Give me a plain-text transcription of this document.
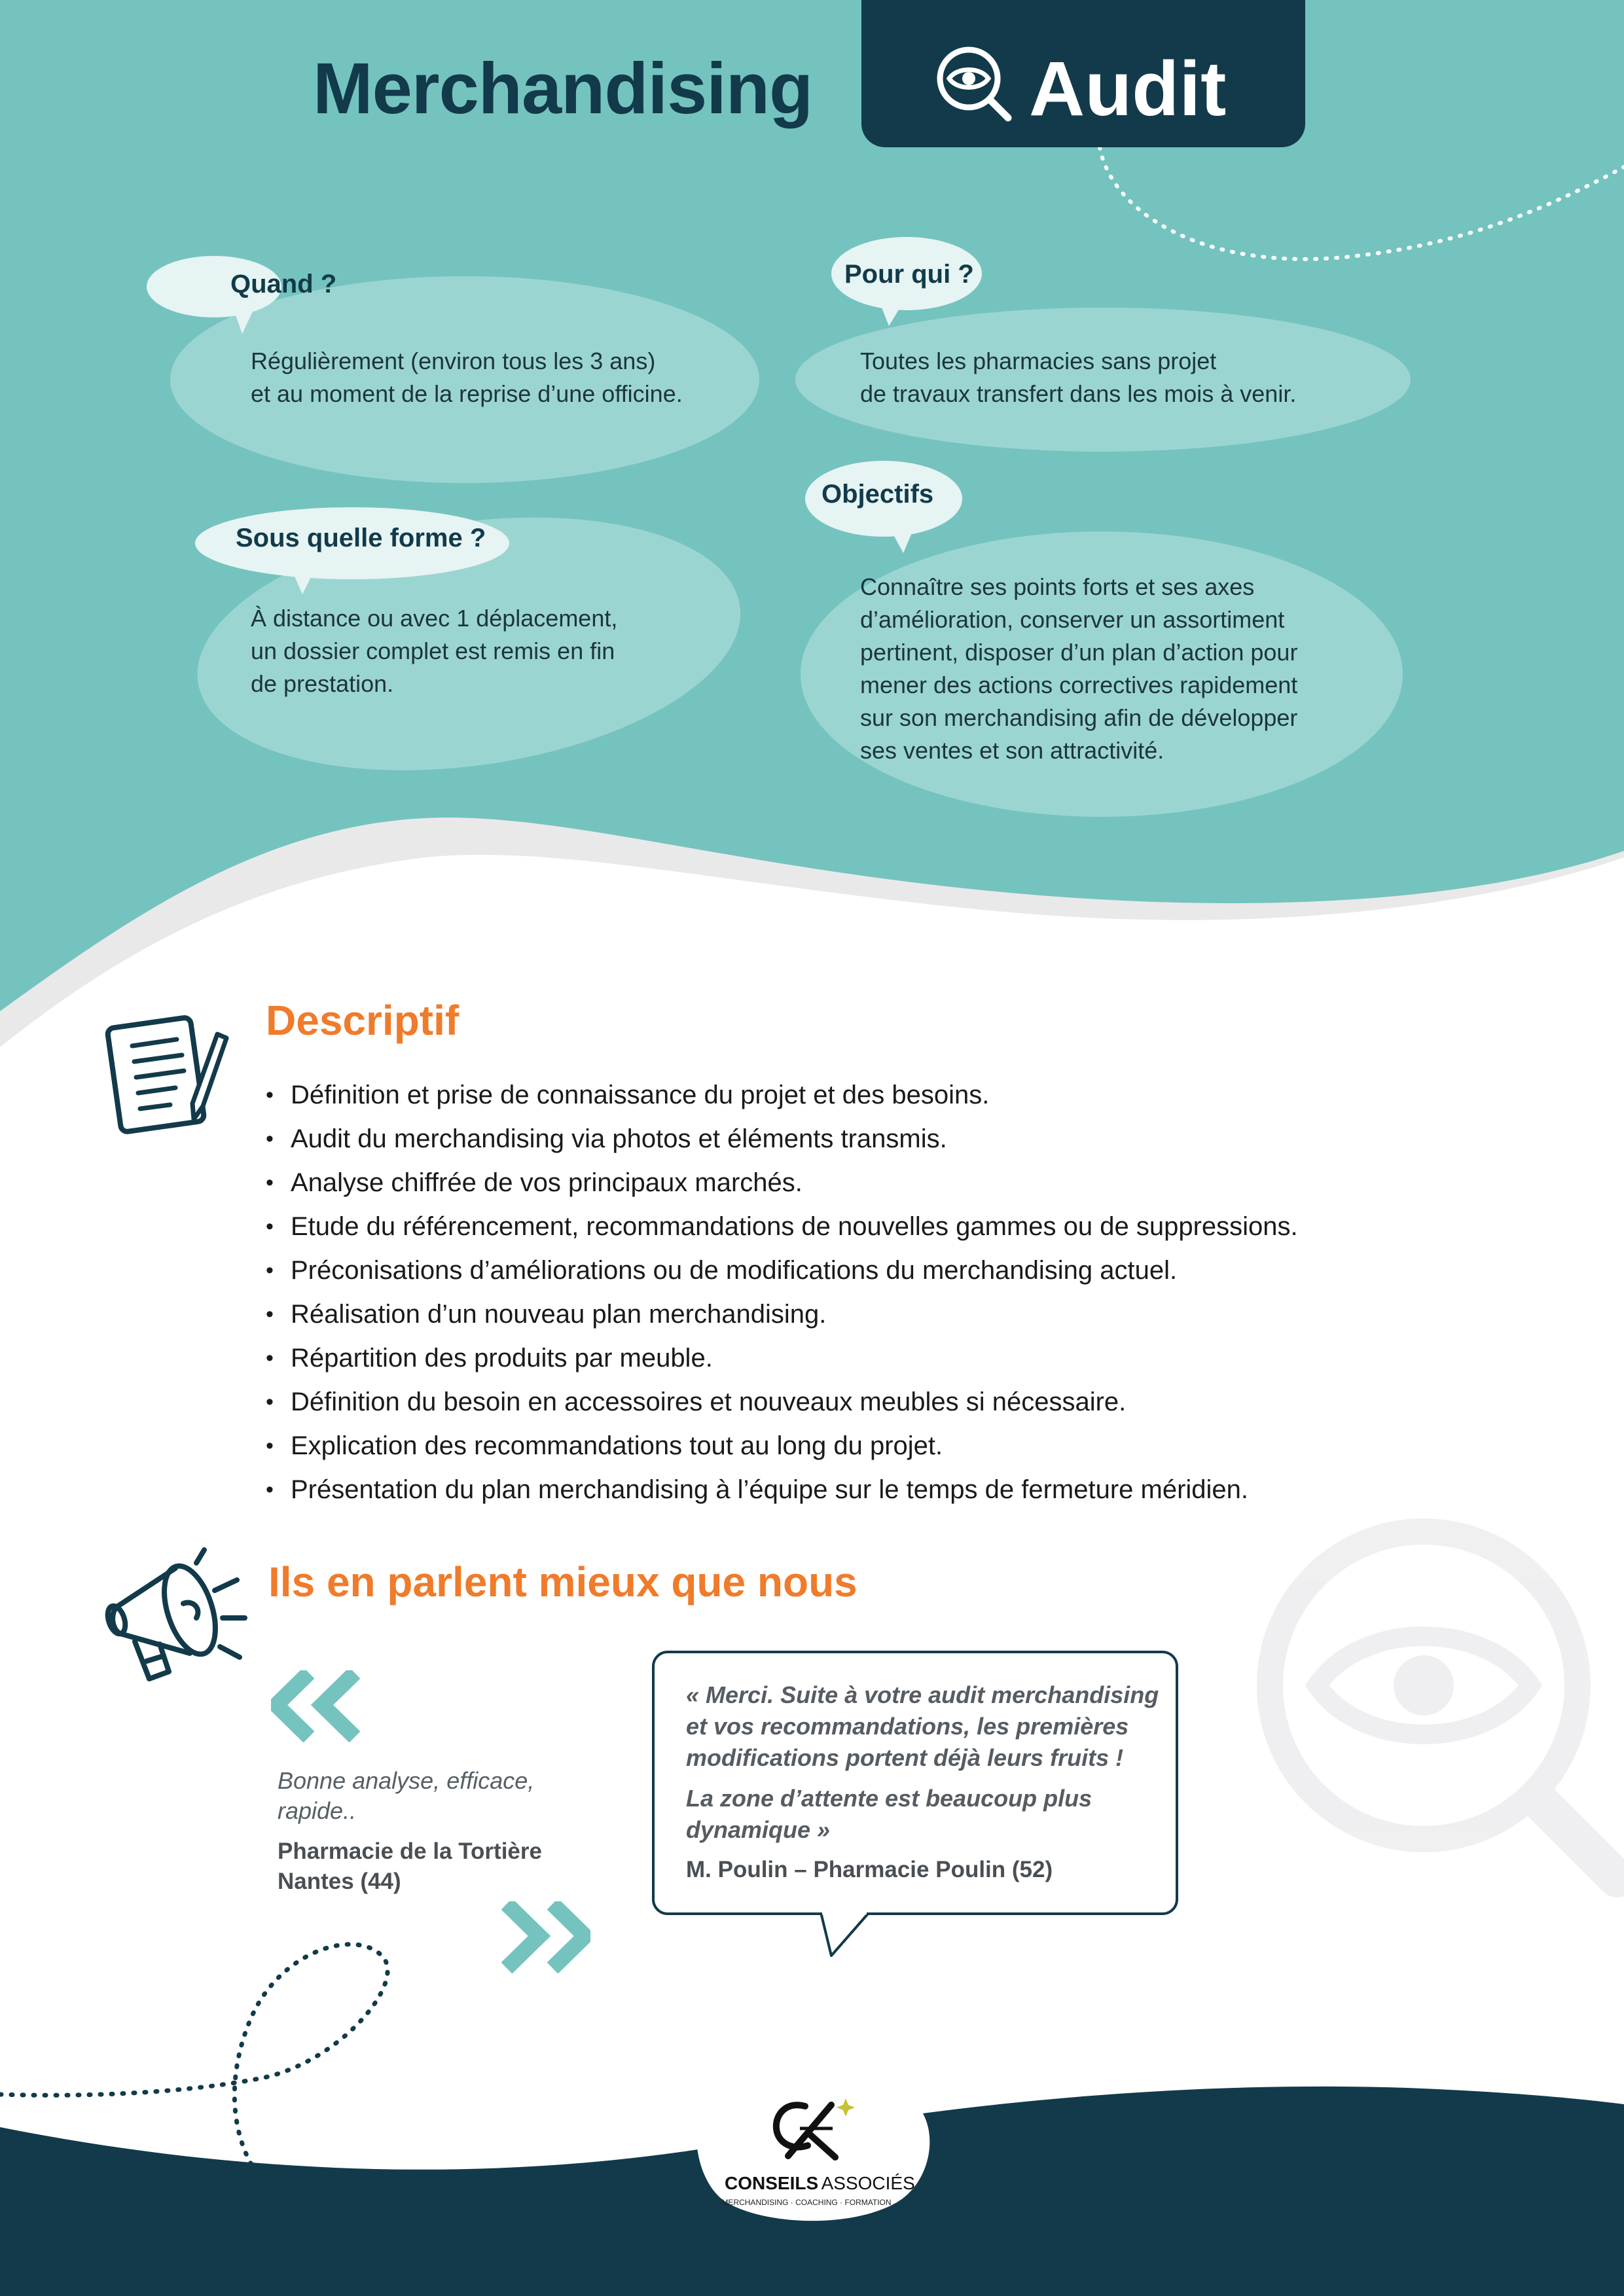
Merchandising	Audit
Quand ?
Régulièrement (environ tous les 3 ans)
et au moment de la reprise d’une officine.
Pour qui ?
Toutes les pharmacies sans projet
de travaux transfert dans les mois à venir.
Sous quelle forme ?
À distance ou avec 1 déplacement,
un dossier complet est remis en fin
de prestation.
Objectifs
Connaître ses points forts et ses axes
d’amélioration, conserver un assortiment
pertinent, disposer d’un plan d’action pour
mener des actions correctives rapidement
sur son merchandising afin de développer
ses ventes et son attractivité.
Descriptif
• Définition et prise de connaissance du projet et des besoins.
• Audit du merchandising via photos et éléments transmis.
• Analyse chiffrée de vos principaux marchés.
• Etude du référencement, recommandations de nouvelles gammes ou de suppressions.
• Préconisations d’améliorations ou de modifications du merchandising actuel.
• Réalisation d’un nouveau plan merchandising.
• Répartition des produits par meuble.
• Définition du besoin en accessoires et nouveaux meubles si nécessaire.
• Explication des recommandations tout au long du projet.
• Présentation du plan merchandising à l’équipe sur le temps de fermeture méridien.
Ils en parlent mieux que nous
Bonne analyse, efficace,
rapide..
Pharmacie de la Tortière
Nantes (44)
« Merci. Suite à votre audit merchandising
et vos recommandations, les premières
modifications portent déjà leurs fruits !
La zone d’attente est beaucoup plus
dynamique »
M. Poulin – Pharmacie Poulin (52)
CONSEILS ASSOCIÉS
MERCHANDISING · COACHING · FORMATION
